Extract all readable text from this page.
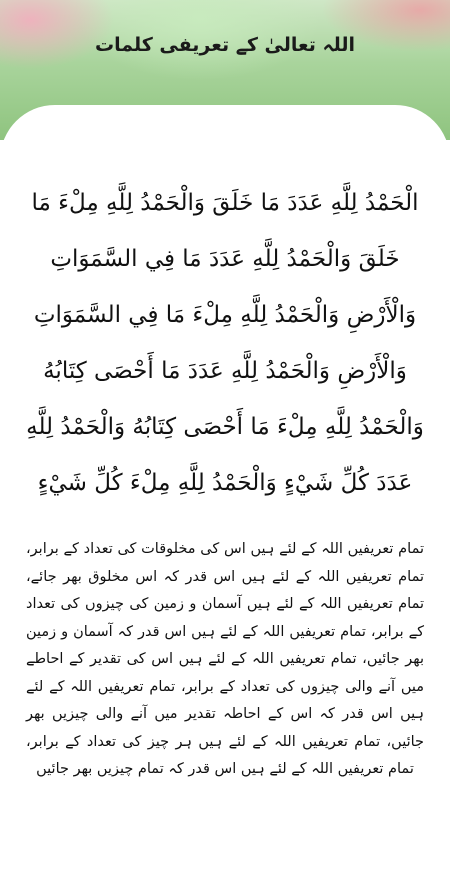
اللہ تعالیٰ کے تعریفی کلمات
الْحَمْدُ لِلَّهِ عَدَدَ مَا خَلَقَ وَالْحَمْدُ لِلَّهِ مِلْءَ مَا خَلَقَ وَالْحَمْدُ لِلَّهِ عَدَدَ مَا فِي السَّمَوَاتِ وَالْأَرْضِ وَالْحَمْدُ لِلَّهِ مِلْءَ مَا فِي السَّمَوَاتِ وَالْأَرْضِ وَالْحَمْدُ لِلَّهِ عَدَدَ مَا أَحْصَى كِتَابُهُ وَالْحَمْدُ لِلَّهِ مِلْءَ مَا أَحْصَى كِتَابُهُ وَالْحَمْدُ لِلَّهِ عَدَدَ كُلِّ شَيْءٍ وَالْحَمْدُ لِلَّهِ مِلْءَ كُلِّ شَيْءٍ
تمام تعریفیں اللہ کے لئے ہیں اس کی مخلوقات کی تعداد کے برابر، تمام تعریفیں اللہ کے لئے ہیں اس قدر کہ اس مخلوق بھر جائے، تمام تعریفیں اللہ کے لئے ہیں آسمان و زمین کی چیزوں کی تعداد کے برابر، تمام تعریفیں اللہ کے لئے ہیں اس قدر کہ آسمان و زمین بھر جائیں، تمام تعریفیں اللہ کے لئے ہیں اس کی تقدیر کے احاطے میں آنے والی چیزوں کی تعداد کے برابر، تمام تعریفیں اللہ کے لئے ہیں اس قدر کہ اس کے احاطہ تقدیر میں آنے والی چیزیں بھر جائیں، تمام تعریفیں اللہ کے لئے ہیں ہر چیز کی تعداد کے برابر، تمام تعریفیں اللہ کے لئے ہیں اس قدر کہ تمام چیزیں بھر جائیں
